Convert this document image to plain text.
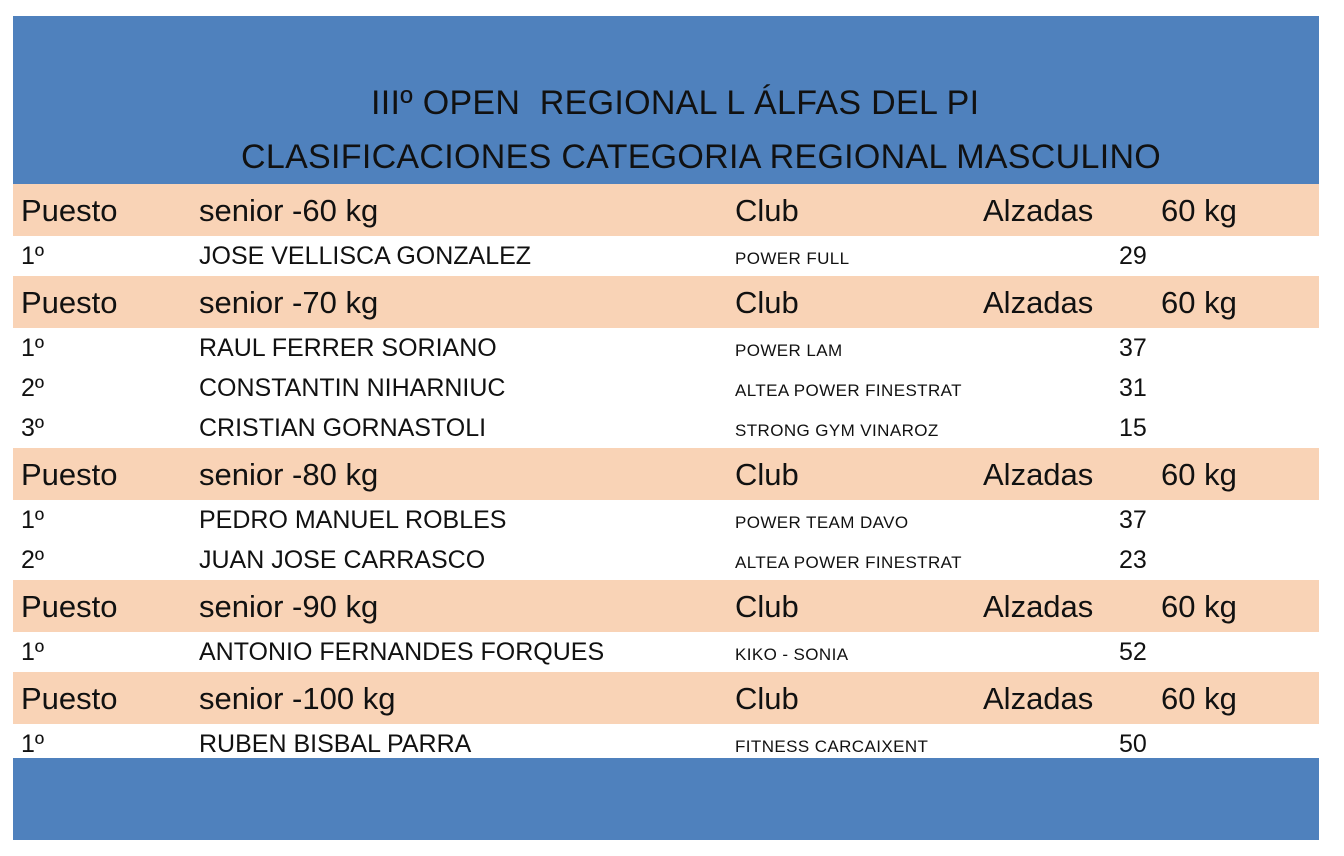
IIIº OPEN  REGIONAL L ÁLFAS DEL PI
CLASIFICACIONES CATEGORIA REGIONAL MASCULINO
Puesto	senior -60 kg	Club	Alzadas 60 kg
1º	JOSE VELLISCA GONZALEZ	POWER FULL	29
Puesto	senior -70 kg	Club	Alzadas 60 kg
1º	RAUL FERRER SORIANO	POWER LAM	37
2º	CONSTANTIN NIHARNIUC	ALTEA POWER FINESTRAT	31
3º	CRISTIAN GORNASTOLI	STRONG GYM VINAROZ	15
Puesto	senior -80 kg	Club	Alzadas 60 kg
1º	PEDRO MANUEL ROBLES	POWER TEAM DAVO	37
2º	JUAN JOSE CARRASCO	ALTEA POWER FINESTRAT	23
Puesto	senior -90 kg	Club	Alzadas 60 kg
1º	ANTONIO FERNANDES FORQUES	KIKO - SONIA	52
Puesto	senior -100 kg	Club	Alzadas 60 kg
1º	RUBEN BISBAL PARRA	FITNESS CARCAIXENT	50
